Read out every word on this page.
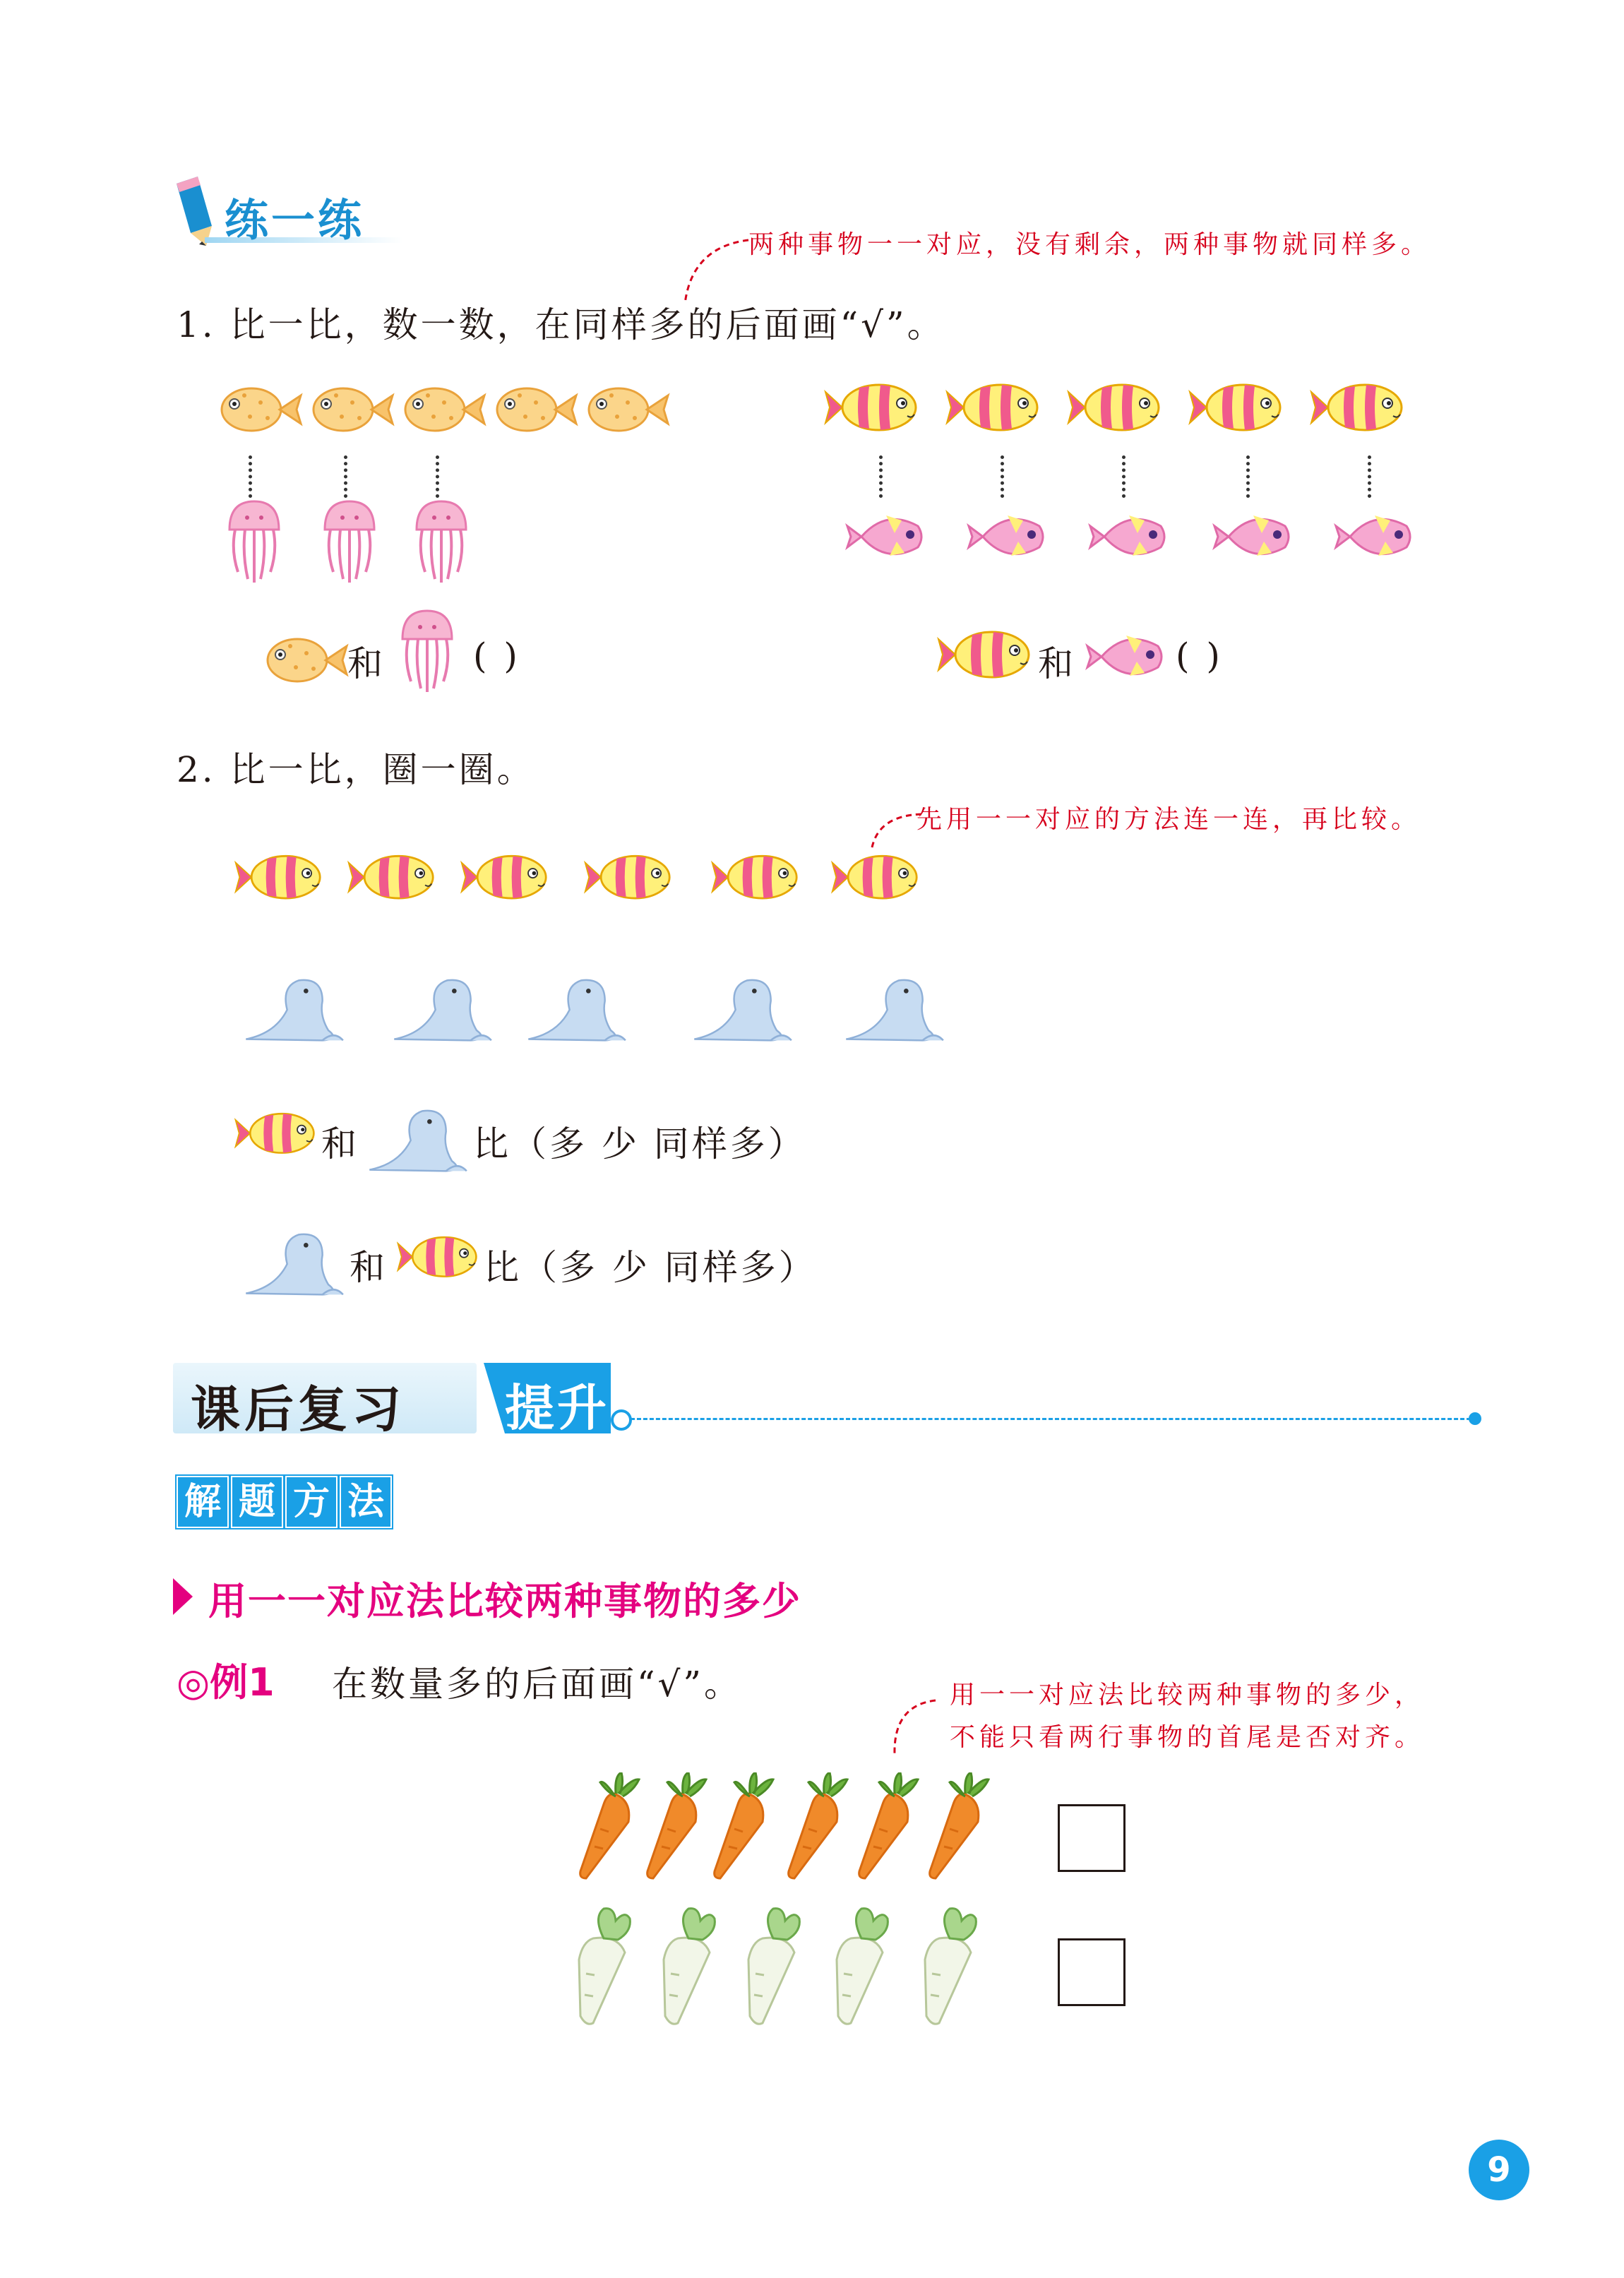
练一练	两种事物一一对应，没有剩余，两种事物就同样多。
1. 比一比，数一数，在同样多的后面画“√”。
和 ( )	和	( )
2. 比一比，圈一圈。
先用一一对应的方法连一连，再比较。
和	比（多 少 同样多）
和	比（多 少 同样多）
课后复习 提升
解 题 方 法
用一一对应法比较两种事物的多少
◎例1 在数量多的后面画“√”。	用一一对应法比较两种事物的多少，
不能只看两行事物的首尾是否对齐。
9
